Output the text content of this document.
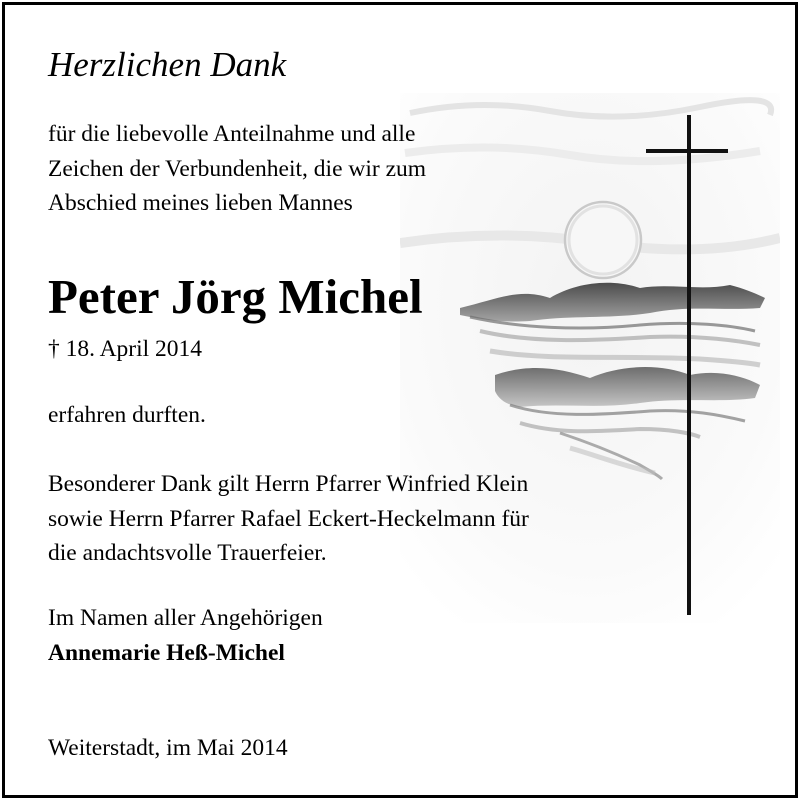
Herzlichen Dank
für die liebevolle Anteilnahme und alle
Zeichen der Verbundenheit, die wir zum
Abschied meines lieben Mannes
Peter Jörg Michel
† 18. April 2014
erfahren durften.
Besonderer Dank gilt Herrn Pfarrer Winfried Klein
sowie Herrn Pfarrer Rafael Eckert-Heckelmann für
die andachtsvolle Trauerfeier.
Im Namen aller Angehörigen
Annemarie Heß-Michel
Weiterstadt, im Mai 2014
